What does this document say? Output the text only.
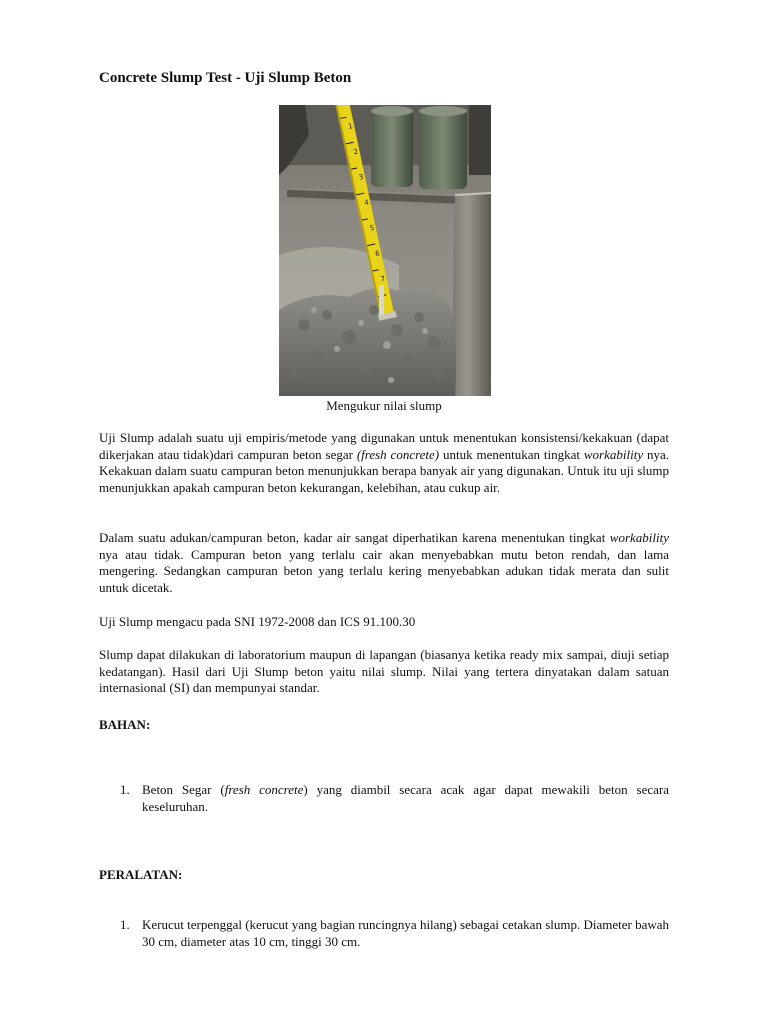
Concrete Slump Test - Uji Slump Beton
1
2
3
4
5
6
7
Mengukur nilai slump

Uji Slump adalah suatu uji empiris/metode yang digunakan untuk menentukan konsistensi/kekakuan (dapat dikerjakan atau tidak)dari campuran beton segar (fresh concrete) untuk menentukan tingkat workability nya. Kekakuan dalam suatu campuran beton menunjukkan berapa banyak air yang digunakan. Untuk itu uji slump menunjukkan apakah campuran beton kekurangan, kelebihan, atau cukup air.

Dalam suatu adukan/campuran beton, kadar air sangat diperhatikan karena menentukan tingkat workability nya atau tidak. Campuran beton yang terlalu cair akan menyebabkan mutu beton rendah, dan lama mengering. Sedangkan campuran beton yang terlalu kering menyebabkan adukan tidak merata dan sulit untuk dicetak.

Uji Slump mengacu pada SNI 1972-2008 dan ICS 91.100.30

Slump dapat dilakukan di laboratorium maupun di lapangan (biasanya ketika ready mix sampai, diuji setiap kedatangan). Hasil dari Uji Slump beton yaitu nilai slump. Nilai yang tertera dinyatakan dalam satuan internasional (SI) dan mempunyai standar.

BAHAN:
1. Beton Segar (fresh concrete) yang diambil secara acak agar dapat mewakili beton secara keseluruhan.
PERALATAN:
1. Kerucut terpenggal (kerucut yang bagian runcingnya hilang) sebagai cetakan slump. Diameter bawah 30 cm, diameter atas 10 cm, tinggi 30 cm.
